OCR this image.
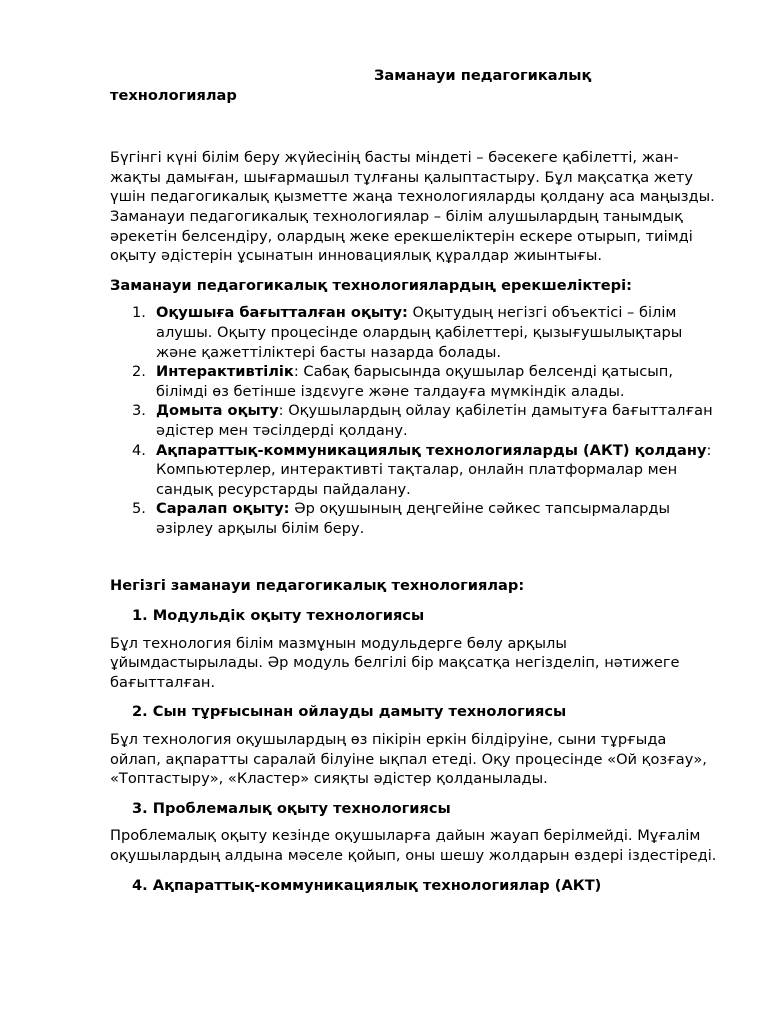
Заманауи педагогикалық

технологиялар

Бүгінгі күні білім беру жүйесінің басты міндеті – бәсекеге қабілетті, жан-жақты дамыған, шығармашыл тұлғаны қалыптастыру. Бұл мақсатқа жету үшін педагогикалық қызметте жаңа технологияларды қолдану аса маңызды. Заманауи педагогикалық технологиялар – білім алушылардың танымдық әрекетін белсендіру, олардың жеке ерекшеліктерін ескере отырып, тиімді оқыту әдістерін ұсынатын инновациялық құралдар жиынтығы.

Заманауи педагогикалық технологиялардың ерекшеліктері:

1. Оқушыға бағытталған оқыту: Оқытудың негізгі объектісі – білім алушы. Оқыту процесінде олардың қабілеттері, қызығушылықтары және қажеттіліктері басты назарда болады.
2. Интерактивтілік: Сабақ барысында оқушылар белсенді қатысып, білімді өз бетінше іздενуге және талдауға мүмкіндік алады.
3. Домыта оқыту: Оқушылардың ойлау қабілетін дамытуға бағытталған әдістер мен тәсілдерді қолдану.
4. Ақпараттық-коммуникациялық технологияларды (АКТ) қолдану: Компьютерлер, интерактивті тақталар, онлайн платформалар мен сандық ресурстарды пайдалану.
5. Саралап оқыту: Әр оқушының деңгейіне сәйкес тапсырмаларды әзірлеу арқылы білім беру.

Негізгі заманауи педагогикалық технологиялар:

1. Модульдік оқыту технологиясы

Бұл технология білім мазмұнын модульдерге бөлу арқылы ұйымдастырылады. Әр модуль белгілі бір мақсатқа негізделіп, нәтижеге бағытталған.

2. Сын тұрғысынан ойлауды дамыту технологиясы

Бұл технология оқушылардың өз пікірін еркін білдіруіне, сыни тұрғыда ойлап, ақпаратты саралай білуіне ықпал етеді. Оқу процесінде «Ой қозғау», «Топтастыру», «Кластер» сияқты әдістер қолданылады.

3. Проблемалық оқыту технологиясы

Проблемалық оқыту кезінде оқушыларға дайын жауап берілмейді. Мұғалім оқушылардың алдына мәселе қойып, оны шешу жолдарын өздері іздестіреді.

4. Ақпараттық-коммуникациялық технологиялар (АКТ)
